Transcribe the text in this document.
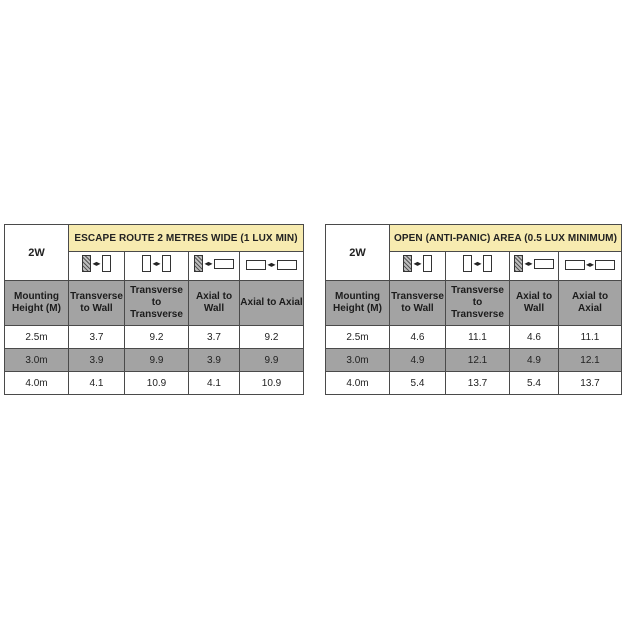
2W	ESCAPE ROUTE 2 METRES WIDE (1 LUX MIN)			

	◂▸	◂▸	◂▸	◂▸

Mounting Height (M)	Transverse to Wall	Transverse to Transverse	Axial to Wall	Axial to Axial
2.5m	3.7	9.2	3.7	9.2
3.0m	3.9	9.9	3.9	9.9
4.0m	4.1	10.9	4.1	10.9
2W	OPEN (ANTI-PANIC) AREA (0.5 LUX MINIMUM)			

	◂▸	◂▸	◂▸	◂▸

Mounting Height (M)	Transverse to Wall	Transverse to Transverse	Axial to Wall	Axial to Axial
2.5m	4.6	11.1	4.6	11.1
3.0m	4.9	12.1	4.9	12.1
4.0m	5.4	13.7	5.4	13.7
